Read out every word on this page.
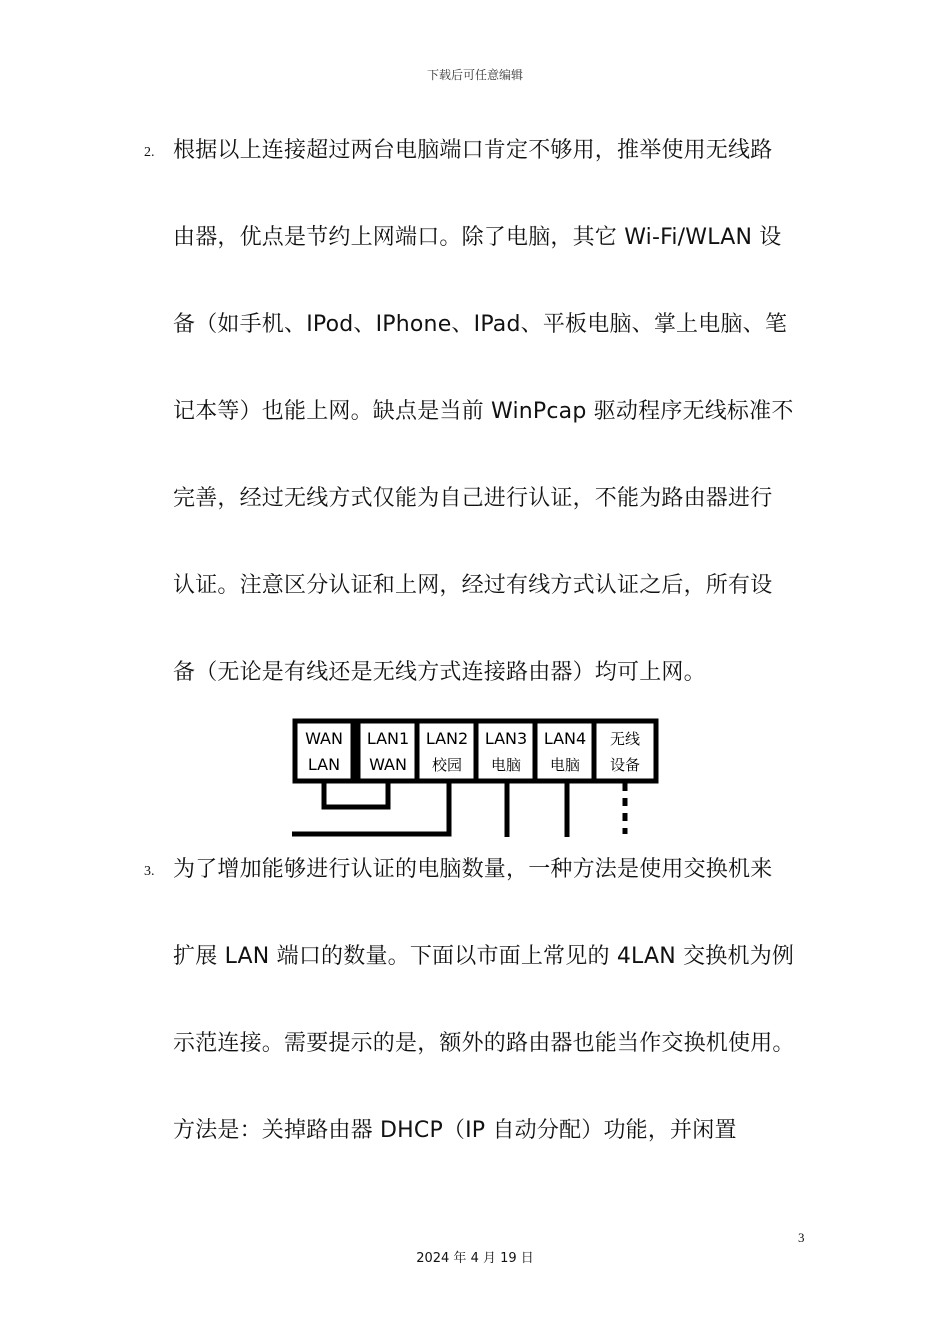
下载后可任意编辑
2. 根据以上连接超过两台电脑端口肯定不够用，推举使用无线路
由器，优点是节约上网端口。除了电脑，其它 Wi-Fi/WLAN 设
备（如手机、IPod、IPhone、IPad、平板电脑、掌上电脑、笔
记本等）也能上网。缺点是当前 WinPcap 驱动程序无线标准不
完善，经过无线方式仅能为自己进行认证，不能为路由器进行
认证。注意区分认证和上网，经过有线方式认证之后，所有设
备（无论是有线还是无线方式连接路由器）均可上网。
WAN
LAN
LAN1
WAN
LAN2
校园
LAN3
电脑
LAN4
电脑
无线
设备
3. 为了增加能够进行认证的电脑数量，一种方法是使用交换机来
扩展 LAN 端口的数量。下面以市面上常见的 4LAN 交换机为例
示范连接。需要提示的是，额外的路由器也能当作交换机使用。
方法是：关掉路由器 DHCP（IP 自动分配）功能，并闲置
3
2024 年 4 月 19 日
